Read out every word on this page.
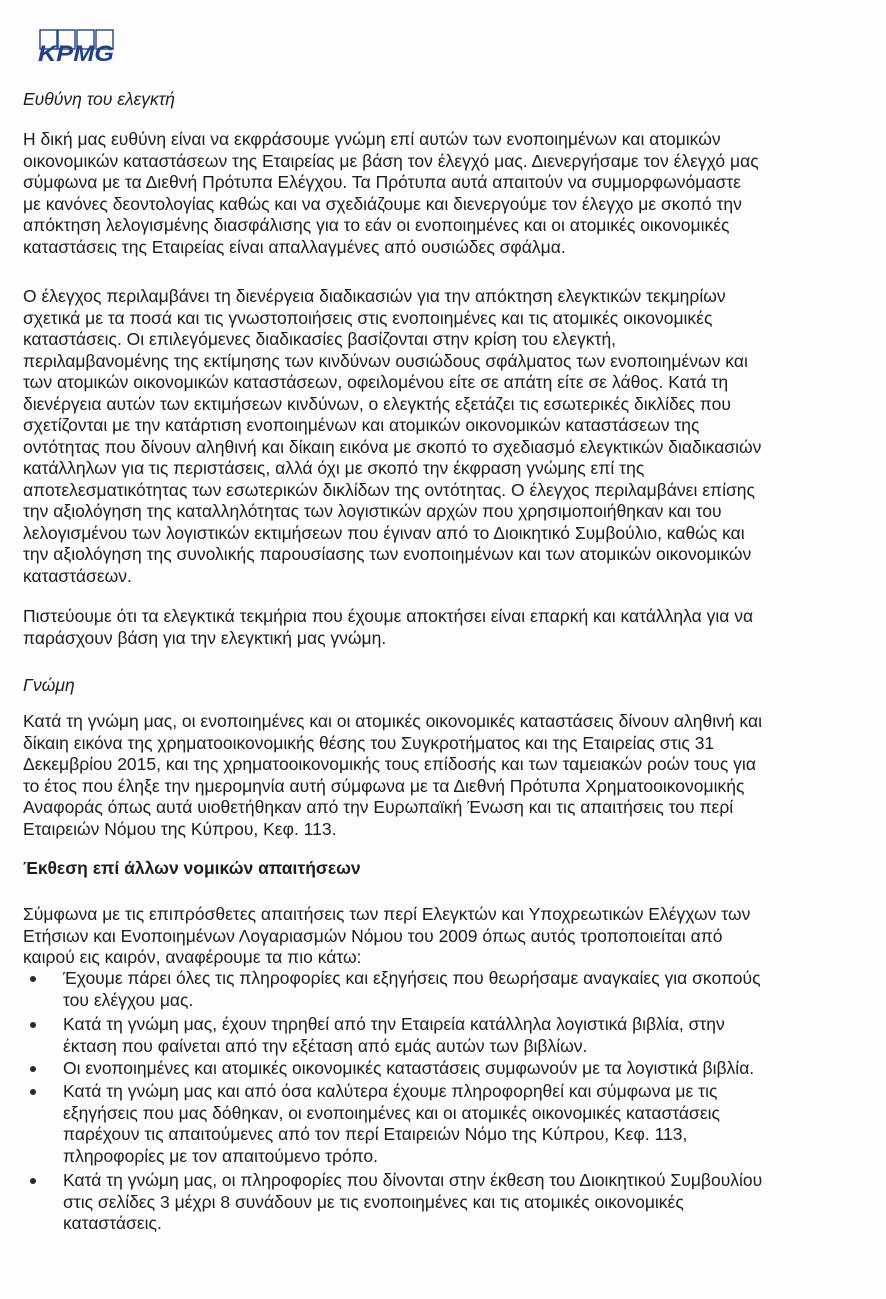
KPMG
Ευθύνη του ελεγκτή
Η δική μας ευθύνη είναι να εκφράσουμε γνώμη επί αυτών των ενοποιημένων και ατομικών
οικονομικών καταστάσεων της Εταιρείας με βάση τον έλεγχό μας. Διενεργήσαμε τον έλεγχό μας
σύμφωνα με τα Διεθνή Πρότυπα Ελέγχου. Τα Πρότυπα αυτά απαιτούν να συμμορφωνόμαστε
με κανόνες δεοντολογίας καθώς και να σχεδιάζουμε και διενεργούμε τον έλεγχο με σκοπό την
απόκτηση λελογισμένης διασφάλισης για το εάν οι ενοποιημένες και οι ατομικές οικονομικές
καταστάσεις της Εταιρείας είναι απαλλαγμένες από ουσιώδες σφάλμα.
Ο έλεγχος περιλαμβάνει τη διενέργεια διαδικασιών για την απόκτηση ελεγκτικών τεκμηρίων
σχετικά με τα ποσά και τις γνωστοποιήσεις στις ενοποιημένες και τις ατομικές οικονομικές
καταστάσεις. Οι επιλεγόμενες διαδικασίες βασίζονται στην κρίση του ελεγκτή,
περιλαμβανομένης της εκτίμησης των κινδύνων ουσιώδους σφάλματος των ενοποιημένων και
των ατομικών οικονομικών καταστάσεων, οφειλομένου είτε σε απάτη είτε σε λάθος. Κατά τη
διενέργεια αυτών των εκτιμήσεων κινδύνων, ο ελεγκτής εξετάζει τις εσωτερικές δικλίδες που
σχετίζονται με την κατάρτιση ενοποιημένων και ατομικών οικονομικών καταστάσεων της
οντότητας που δίνουν αληθινή και δίκαιη εικόνα με σκοπό το σχεδιασμό ελεγκτικών διαδικασιών
κατάλληλων για τις περιστάσεις, αλλά όχι με σκοπό την έκφραση γνώμης επί της
αποτελεσματικότητας των εσωτερικών δικλίδων της οντότητας. Ο έλεγχος περιλαμβάνει επίσης
την αξιολόγηση της καταλληλότητας των λογιστικών αρχών που χρησιμοποιήθηκαν και του
λελογισμένου των λογιστικών εκτιμήσεων που έγιναν από το Διοικητικό Συμβούλιο, καθώς και
την αξιολόγηση της συνολικής παρουσίασης των ενοποιημένων και των ατομικών οικονομικών
καταστάσεων.
Πιστεύουμε ότι τα ελεγκτικά τεκμήρια που έχουμε αποκτήσει είναι επαρκή και κατάλληλα για να
παράσχουν βάση για την ελεγκτική μας γνώμη.
Γνώμη
Κατά τη γνώμη μας, οι ενοποιημένες και οι ατομικές οικονομικές καταστάσεις δίνουν αληθινή και
δίκαιη εικόνα της χρηματοοικονομικής θέσης του Συγκροτήματος και της Εταιρείας στις 31
Δεκεμβρίου 2015, και της χρηματοοικονομικής τους επίδοσής και των ταμειακών ροών τους για
το έτος που έληξε την ημερομηνία αυτή σύμφωνα με τα Διεθνή Πρότυπα Χρηματοοικονομικής
Αναφοράς όπως αυτά υιοθετήθηκαν από την Ευρωπαϊκή Ένωση και τις απαιτήσεις του περί
Εταιρειών Νόμου της Κύπρου, Κεφ. 113.
Έκθεση επί άλλων νομικών απαιτήσεων
Σύμφωνα με τις επιπρόσθετες απαιτήσεις των περί Ελεγκτών και Υποχρεωτικών Ελέγχων των
Ετήσιων και Ενοποιημένων Λογαριασμών Νόμου του 2009 όπως αυτός τροποποιείται από
καιρού εις καιρόν, αναφέρουμε τα πιο κάτω:
Έχουμε πάρει όλες τις πληροφορίες και εξηγήσεις που θεωρήσαμε αναγκαίες για σκοπούς
του ελέγχου μας.
Κατά τη γνώμη μας, έχουν τηρηθεί από την Εταιρεία κατάλληλα λογιστικά βιβλία, στην
έκταση που φαίνεται από την εξέταση από εμάς αυτών των βιβλίων.
Οι ενοποιημένες και ατομικές οικονομικές καταστάσεις συμφωνούν με τα λογιστικά βιβλία.
Κατά τη γνώμη μας και από όσα καλύτερα έχουμε πληροφορηθεί και σύμφωνα με τις
εξηγήσεις που μας δόθηκαν, οι ενοποιημένες και οι ατομικές οικονομικές καταστάσεις
παρέχουν τις απαιτούμενες από τον περί Εταιρειών Νόμο της Κύπρου, Κεφ. 113,
πληροφορίες με τον απαιτούμενο τρόπο.
Κατά τη γνώμη μας, οι πληροφορίες που δίνονται στην έκθεση του Διοικητικού Συμβουλίου
στις σελίδες 3 μέχρι 8 συνάδουν με τις ενοποιημένες και τις ατομικές οικονομικές
καταστάσεις.
